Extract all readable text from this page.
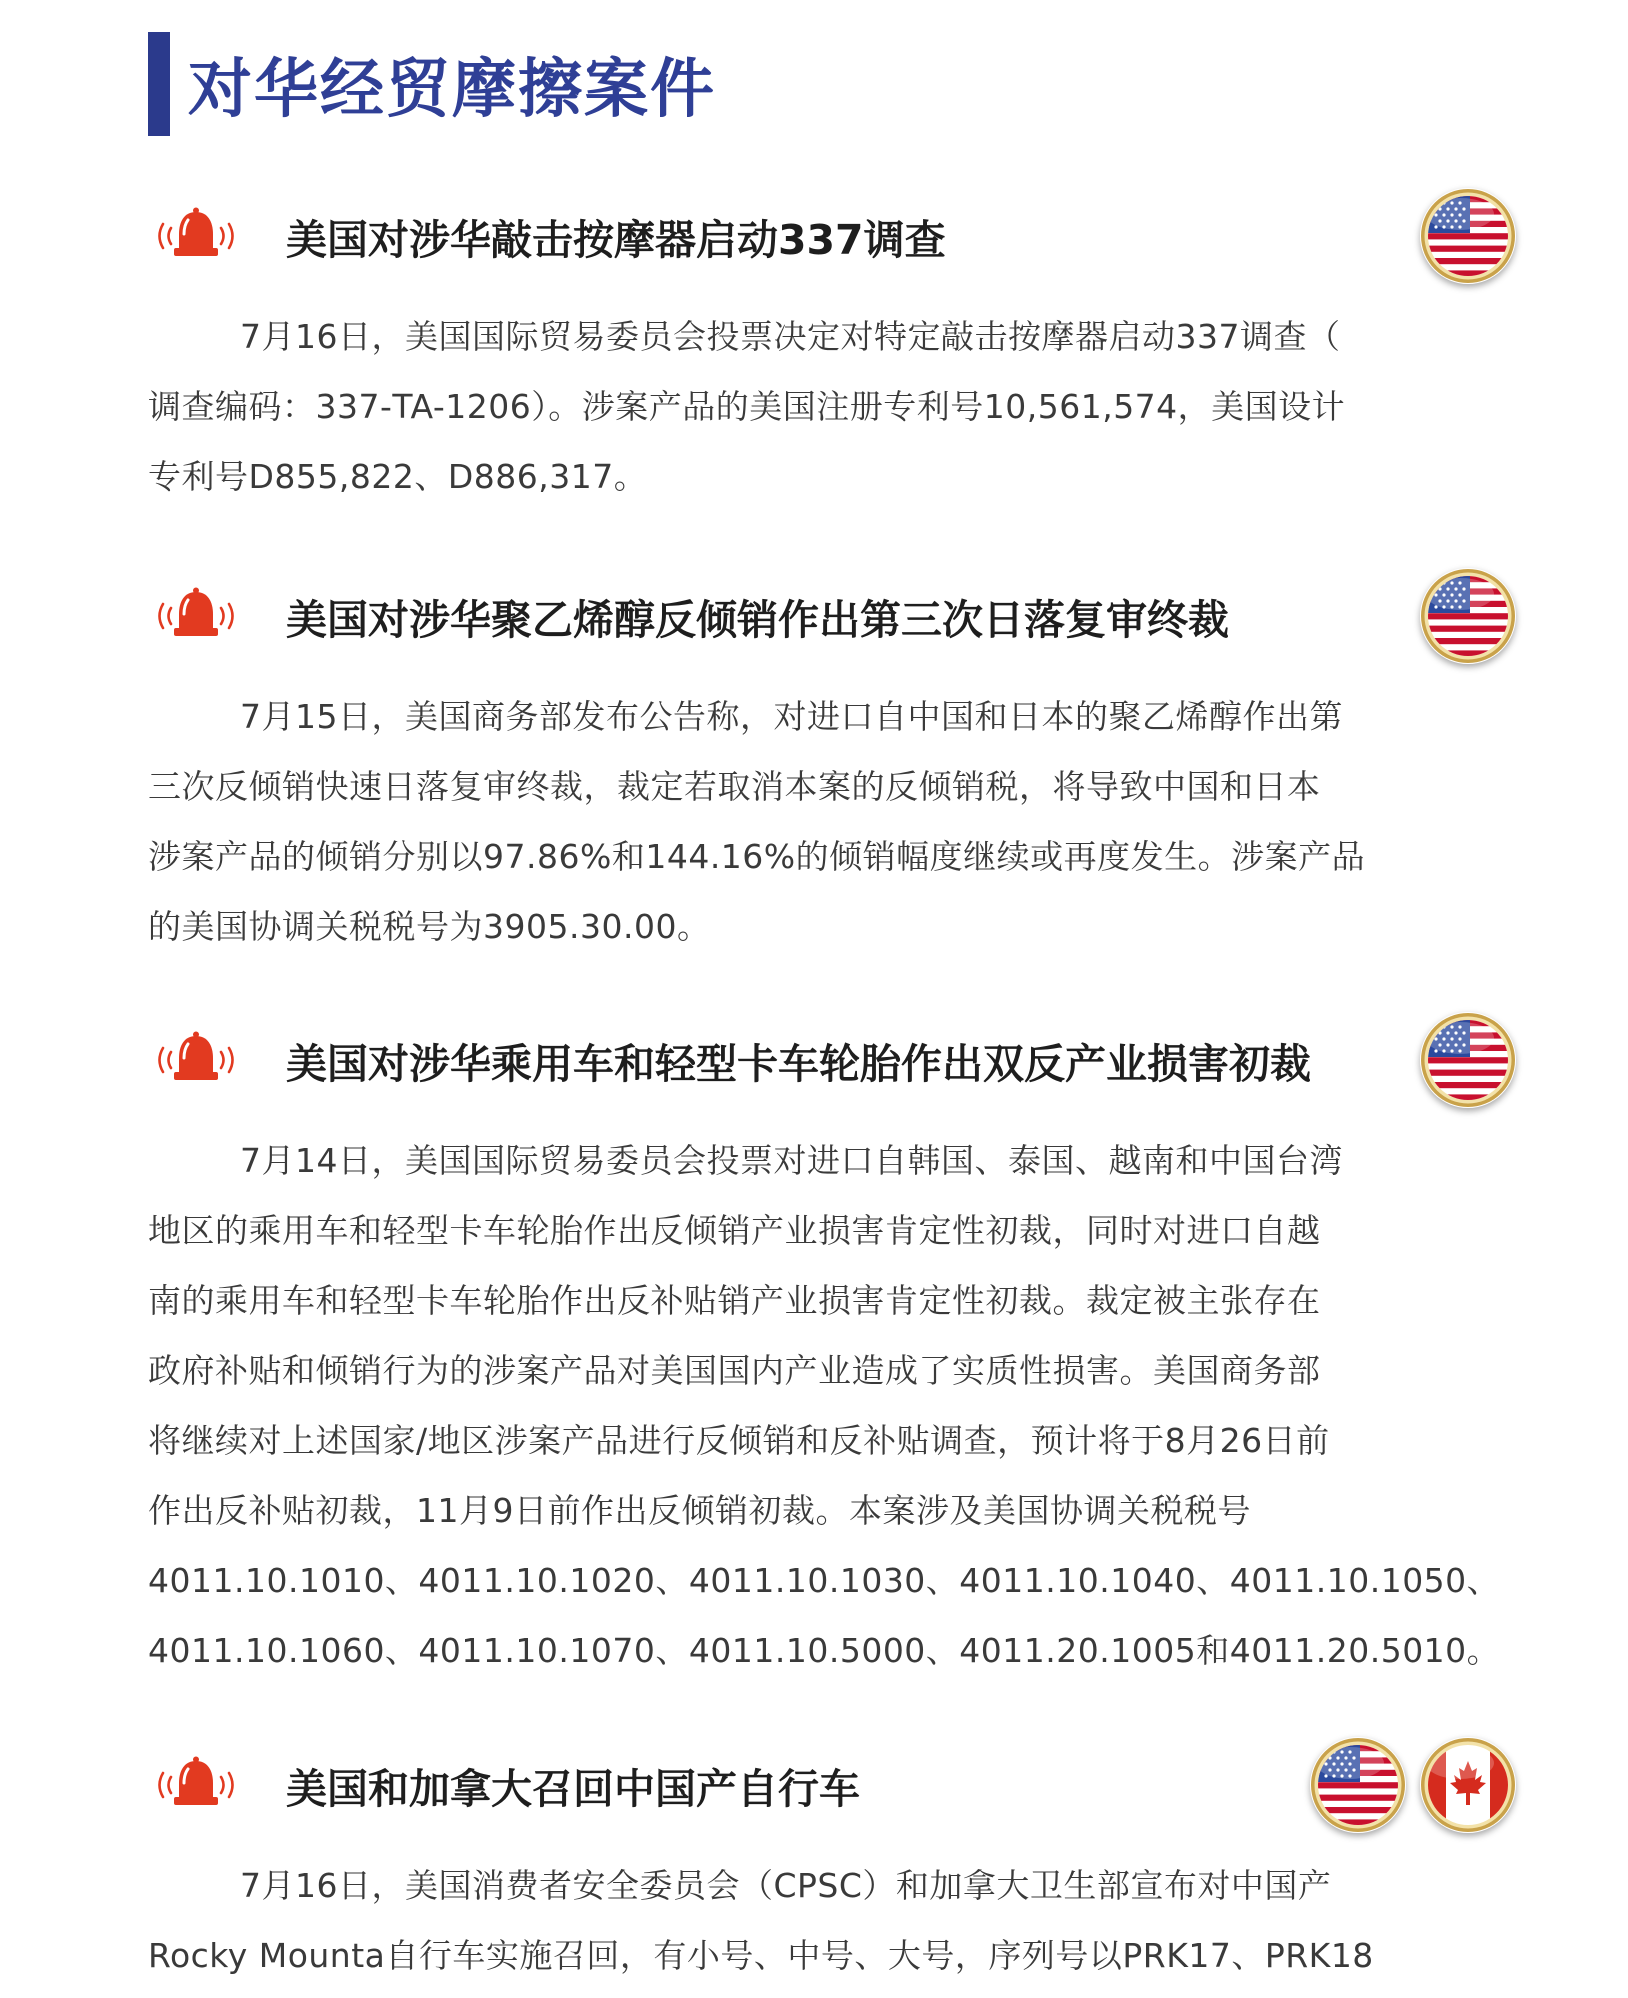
对华经贸摩擦案件
美国对涉华敲击按摩器启动337调查
7月16日，美国国际贸易委员会投票决定对特定敲击按摩器启动337调查（
调查编码：337-TA-1206）。涉案产品的美国注册专利号10,561,574，美国设计
专利号D855,822、D886,317。
美国对涉华聚乙烯醇反倾销作出第三次日落复审终裁
7月15日，美国商务部发布公告称，对进口自中国和日本的聚乙烯醇作出第
三次反倾销快速日落复审终裁，裁定若取消本案的反倾销税，将导致中国和日本
涉案产品的倾销分别以97.86%和144.16%的倾销幅度继续或再度发生。涉案产品
的美国协调关税税号为3905.30.00。
美国对涉华乘用车和轻型卡车轮胎作出双反产业损害初裁
7月14日，美国国际贸易委员会投票对进口自韩国、泰国、越南和中国台湾
地区的乘用车和轻型卡车轮胎作出反倾销产业损害肯定性初裁，同时对进口自越
南的乘用车和轻型卡车轮胎作出反补贴销产业损害肯定性初裁。裁定被主张存在
政府补贴和倾销行为的涉案产品对美国国内产业造成了实质性损害。美国商务部
将继续对上述国家/地区涉案产品进行反倾销和反补贴调查，预计将于8月26日前
作出反补贴初裁，11月9日前作出反倾销初裁。本案涉及美国协调关税税号
4011.10.1010、4011.10.1020、4011.10.1030、4011.10.1040、4011.10.1050、
4011.10.1060、4011.10.1070、4011.10.5000、4011.20.1005和4011.20.5010。
美国和加拿大召回中国产自行车
7月16日，美国消费者安全委员会（CPSC）和加拿大卫生部宣布对中国产
Rocky Mounta自行车实施召回，有小号、中号、大号，序列号以PRK17、PRK18
